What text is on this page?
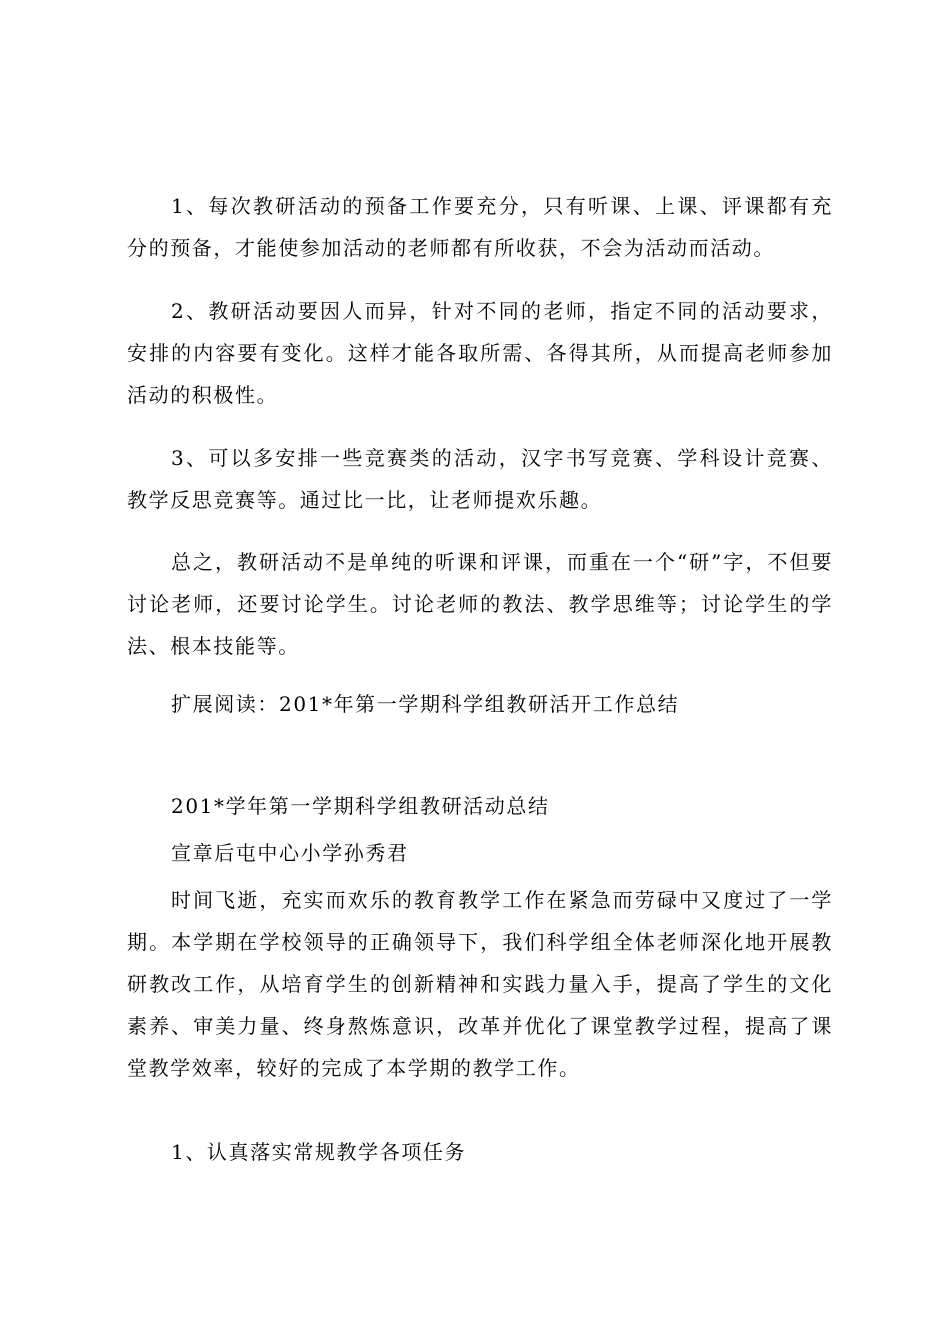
1、每次教研活动的预备工作要充分，只有听课、上课、评课都有充分的预备，才能使参加活动的老师都有所收获，不会为活动而活动。

2、教研活动要因人而异，针对不同的老师，指定不同的活动要求，安排的内容要有变化。这样才能各取所需、各得其所，从而提高老师参加活动的积极性。

3、可以多安排一些竞赛类的活动，汉字书写竞赛、学科设计竞赛、教学反思竞赛等。通过比一比，让老师提欢乐趣。

总之，教研活动不是单纯的听课和评课，而重在一个“研”字，不但要讨论老师，还要讨论学生。讨论老师的教法、教学思维等；讨论学生的学法、根本技能等。

扩展阅读：201*年第一学期科学组教研活开工作总结

201*学年第一学期科学组教研活动总结

宣章后屯中心小学孙秀君

时间飞逝，充实而欢乐的教育教学工作在紧急而劳碌中又度过了一学期。本学期在学校领导的正确领导下，我们科学组全体老师深化地开展教研教改工作，从培育学生的创新精神和实践力量入手，提高了学生的文化素养、审美力量、终身熬炼意识，改革并优化了课堂教学过程，提高了课堂教学效率，较好的完成了本学期的教学工作。

1、认真落实常规教学各项任务
